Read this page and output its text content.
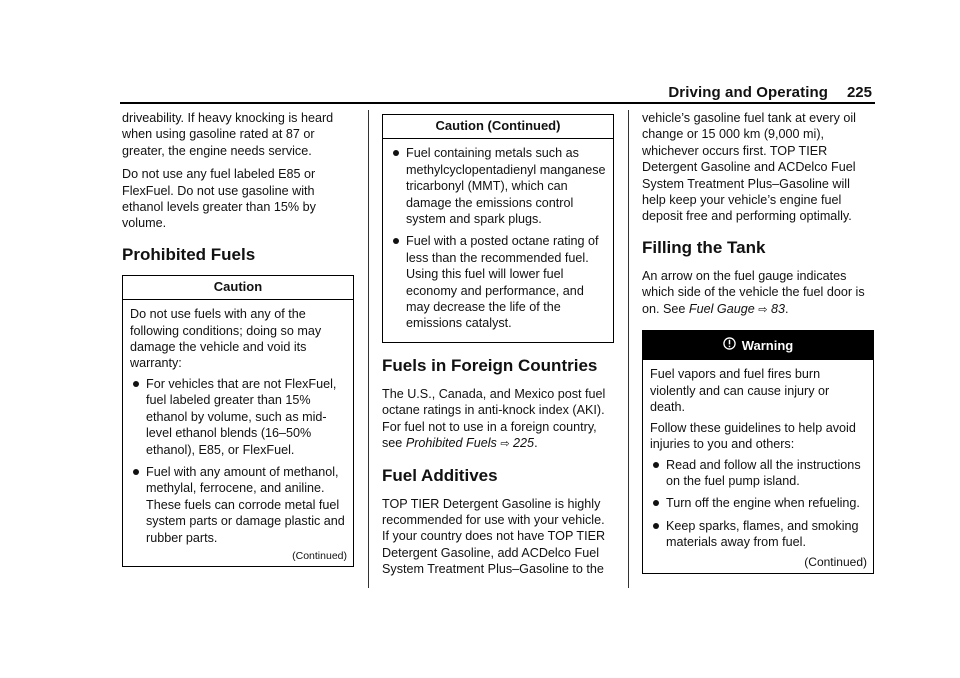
Driving and Operating 225

driveability. If heavy knocking is heard when using gasoline rated at 87 or greater, the engine needs service.

Do not use any fuel labeled E85 or FlexFuel. Do not use gasoline with ethanol levels greater than 15% by volume.

Prohibited Fuels
Caution

Do not use fuels with any of the following conditions; doing so may damage the vehicle and void its warranty:

For vehicles that are not FlexFuel, fuel labeled greater than 15% ethanol by volume, such as mid-level ethanol blends (16–50% ethanol), E85, or FlexFuel.
Fuel with any amount of methanol, methylal, ferrocene, and aniline. These fuels can corrode metal fuel system parts or damage plastic and rubber parts.
(Continued)
Caution (Continued)
Fuel containing metals such as methylcyclopentadienyl manganese tricarbonyl (MMT), which can damage the emissions control system and spark plugs.
Fuel with a posted octane rating of less than the recommended fuel. Using this fuel will lower fuel economy and performance, and may decrease the life of the emissions catalyst.
Fuels in Foreign Countries

The U.S., Canada, and Mexico post fuel octane ratings in anti-knock index (AKI). For fuel not to use in a foreign country, see Prohibited Fuels ⇨ 225.

Fuel Additives

TOP TIER Detergent Gasoline is highly recommended for use with your vehicle. If your country does not have TOP TIER Detergent Gasoline, add ACDelco Fuel System Treatment Plus–Gasoline to the

vehicle’s gasoline fuel tank at every oil change or 15 000 km (9,000 mi), whichever occurs first. TOP TIER Detergent Gasoline and ACDelco Fuel System Treatment Plus–Gasoline will help keep your vehicle’s engine fuel deposit free and performing optimally.

Filling the Tank

An arrow on the fuel gauge indicates which side of the vehicle the fuel door is on. See Fuel Gauge ⇨ 83.

Warning

Fuel vapors and fuel fires burn violently and can cause injury or death.

Follow these guidelines to help avoid injuries to you and others:

Read and follow all the instructions on the fuel pump island.
Turn off the engine when refueling.
Keep sparks, flames, and smoking materials away from fuel.
(Continued)
